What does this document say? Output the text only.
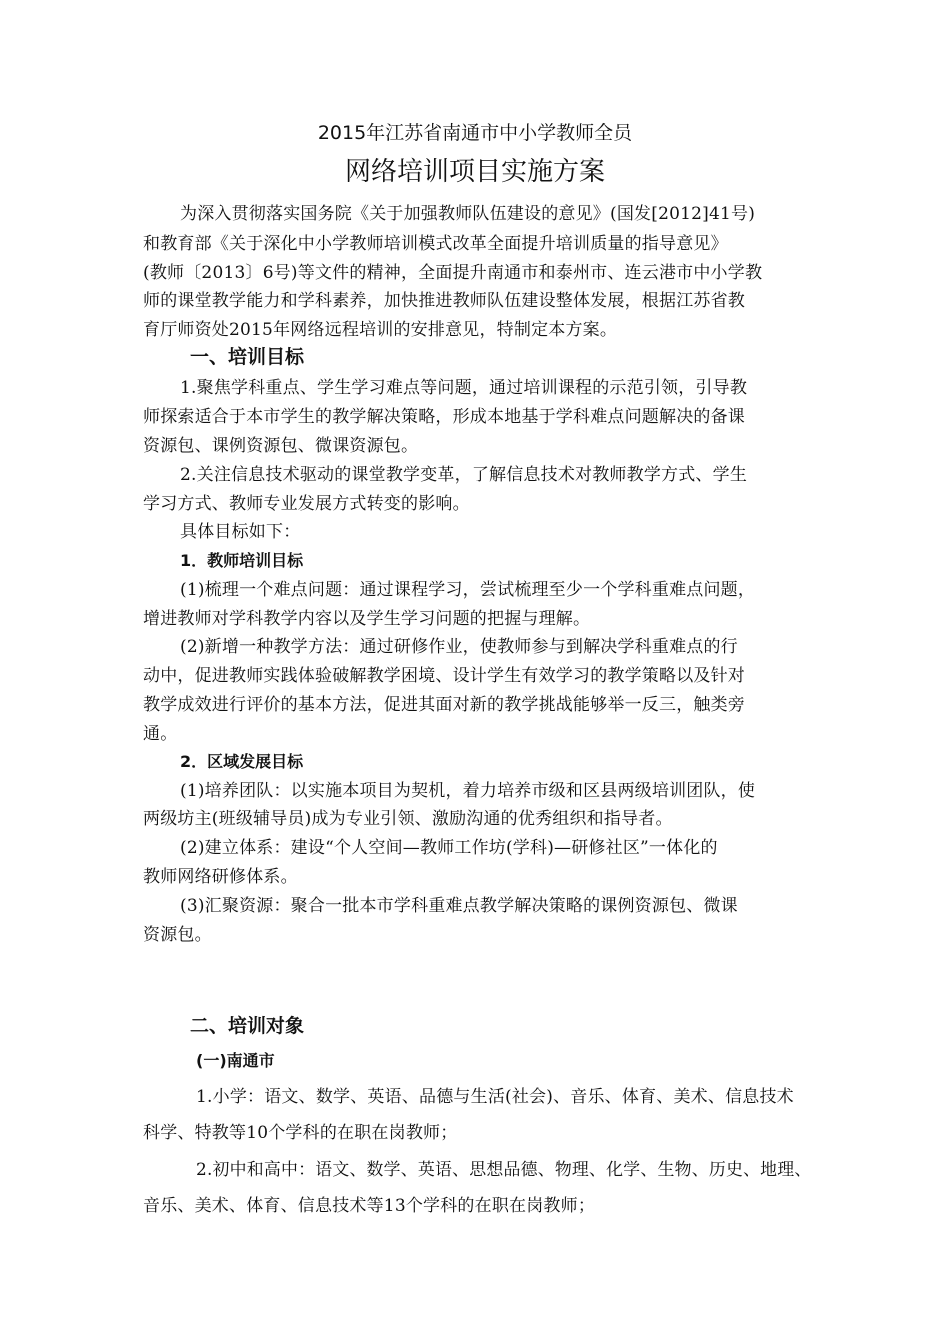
2015年江苏省南通市中小学教师全员

网络培训项目实施方案

为深入贯彻落实国务院《关于加强教师队伍建设的意见》(国发[2012]41号)

和教育部《关于深化中小学教师培训模式改革全面提升培训质量的指导意见》

(教师〔2013〕6号)等文件的精神，全面提升南通市和泰州市、连云港市中小学教

师的课堂教学能力和学科素养，加快推进教师队伍建设整体发展，根据江苏省教

育厅师资处2015年网络远程培训的安排意见，特制定本方案。

一、培训目标

1.聚焦学科重点、学生学习难点等问题，通过培训课程的示范引领，引导教

师探索适合于本市学生的教学解决策略，形成本地基于学科难点问题解决的备课

资源包、课例资源包、微课资源包。

2.关注信息技术驱动的课堂教学变革，了解信息技术对教师教学方式、学生

学习方式、教师专业发展方式转变的影响。

具体目标如下：

1．教师培训目标

(1)梳理一个难点问题：通过课程学习，尝试梳理至少一个学科重难点问题，

增进教师对学科教学内容以及学生学习问题的把握与理解。

(2)新增一种教学方法：通过研修作业，使教师参与到解决学科重难点的行

动中，促进教师实践体验破解教学困境、设计学生有效学习的教学策略以及针对

教学成效进行评价的基本方法，促进其面对新的教学挑战能够举一反三，触类旁

通。

2．区域发展目标

(1)培养团队：以实施本项目为契机，着力培养市级和区县两级培训团队，使

两级坊主(班级辅导员)成为专业引领、激励沟通的优秀组织和指导者。

(2)建立体系：建设“个人空间—教师工作坊(学科)—研修社区”一体化的

教师网络研修体系。

(3)汇聚资源：聚合一批本市学科重难点教学解决策略的课例资源包、微课

资源包。

二、培训对象

(一)南通市

1.小学：语文、数学、英语、品德与生活(社会)、音乐、体育、美术、信息技术

科学、特教等10个学科的在职在岗教师；

2.初中和高中：语文、数学、英语、思想品德、物理、化学、生物、历史、地理、

音乐、美术、体育、信息技术等13个学科的在职在岗教师；
